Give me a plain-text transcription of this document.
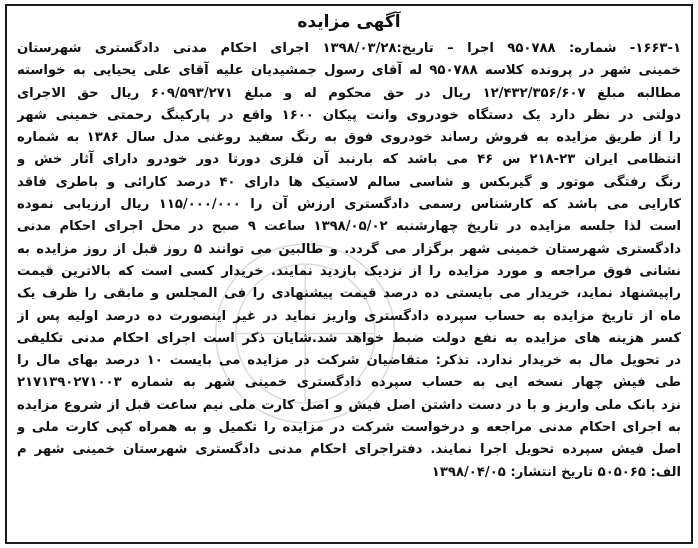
آگهی مزایده
۱۶۶۳-۱- شماره: ۹۵۰۷۸۸ اجرا – تاریخ:۱۳۹۸/۰۳/۲۸ اجرای احکام مدنی دادگستری شهرستان
خمینی شهر در پرونده کلاسه ۹۵۰۷۸۸ له آقای رسول جمشیدیان علیه آقای علی یحیایی به خواسته
مطالبه مبلغ ۱۲/۴۳۲/۳۵۶/۶۰۷ ریال در حق محکوم له و مبلغ ۶۰۹/۵۹۳/۲۷۱ ریال حق الاجرای
دولتی در نظر دارد یک دستگاه خودروی وانت پیکان ۱۶۰۰ واقع در پارکینگ رحمتی خمینی شهر
را از طریق مزایده به فروش رساند خودروی فوق به رنگ سفید روغنی مدل سال ۱۳۸۶ به شماره
انتظامی ایران ۲۳-۲۱۸ س ۴۶ می باشد که بارنبد آن فلزی دورتا دور خودرو دارای آثار خش و
رنگ رفتگی موتور و گیربکس و شاسی سالم لاستیک ها دارای ۴۰ درصد کارائی و باطری فاقد
کارایی می باشد که کارشناس رسمی دادگستری ارزش آن را ۱۱۵/۰۰۰/۰۰۰ ریال ارزیابی نموده
است لذا جلسه مزایده در تاریخ چهارشنبه ۱۳۹۸/۰۵/۰۲ ساعت ۹ صبح در محل اجرای احکام مدنی
دادگستری شهرستان خمینی شهر برگزار می گردد. و طالبین می توانند ۵ روز قبل از روز مزایده به
نشانی فوق مراجعه و مورد مزایده را از نزدیک بازدید نمایند. خریدار کسی است که بالاترین قیمت
راپیشنهاد نماید، خریدار می بایستی ده درصد قیمت پیشنهادی را فی المجلس و مابقی را ظرف یک
ماه از تاریخ مزایده به حساب سپرده دادگستری واریز نماید در غیر اینصورت ده درصد اولیه پس از
کسر هزینه های مزایده به نفع دولت ضبط خواهد شد.شایان ذکر است اجرای احکام مدنی تکلیفی
در تحویل مال به خریدار ندارد. تذکر: متقاضیان شرکت در مزایده می بایست ۱۰ درصد بهای مال را
طی فیش چهار نسخه ایی به حساب سپرده دادگستری خمینی شهر به شماره ۲۱۷۱۳۹۰۲۷۱۰۰۳
نزد بانک ملی واریز و با در دست داشتن اصل فیش و اصل کارت ملی نیم ساعت قبل از شروع مزایده
به اجرای احکام مدنی مراجعه و درخواست شرکت در مزایده را تکمیل و به همراه کپی کارت ملی و
اصل فیش سپرده تحویل اجرا نمایند. دفتراجرای احکام مدنی دادگستری شهرستان خمینی شهر م
الف: ۵۰۵۰۶۵ تاریخ انتشار: ۱۳۹۸/۰۴/۰۵
